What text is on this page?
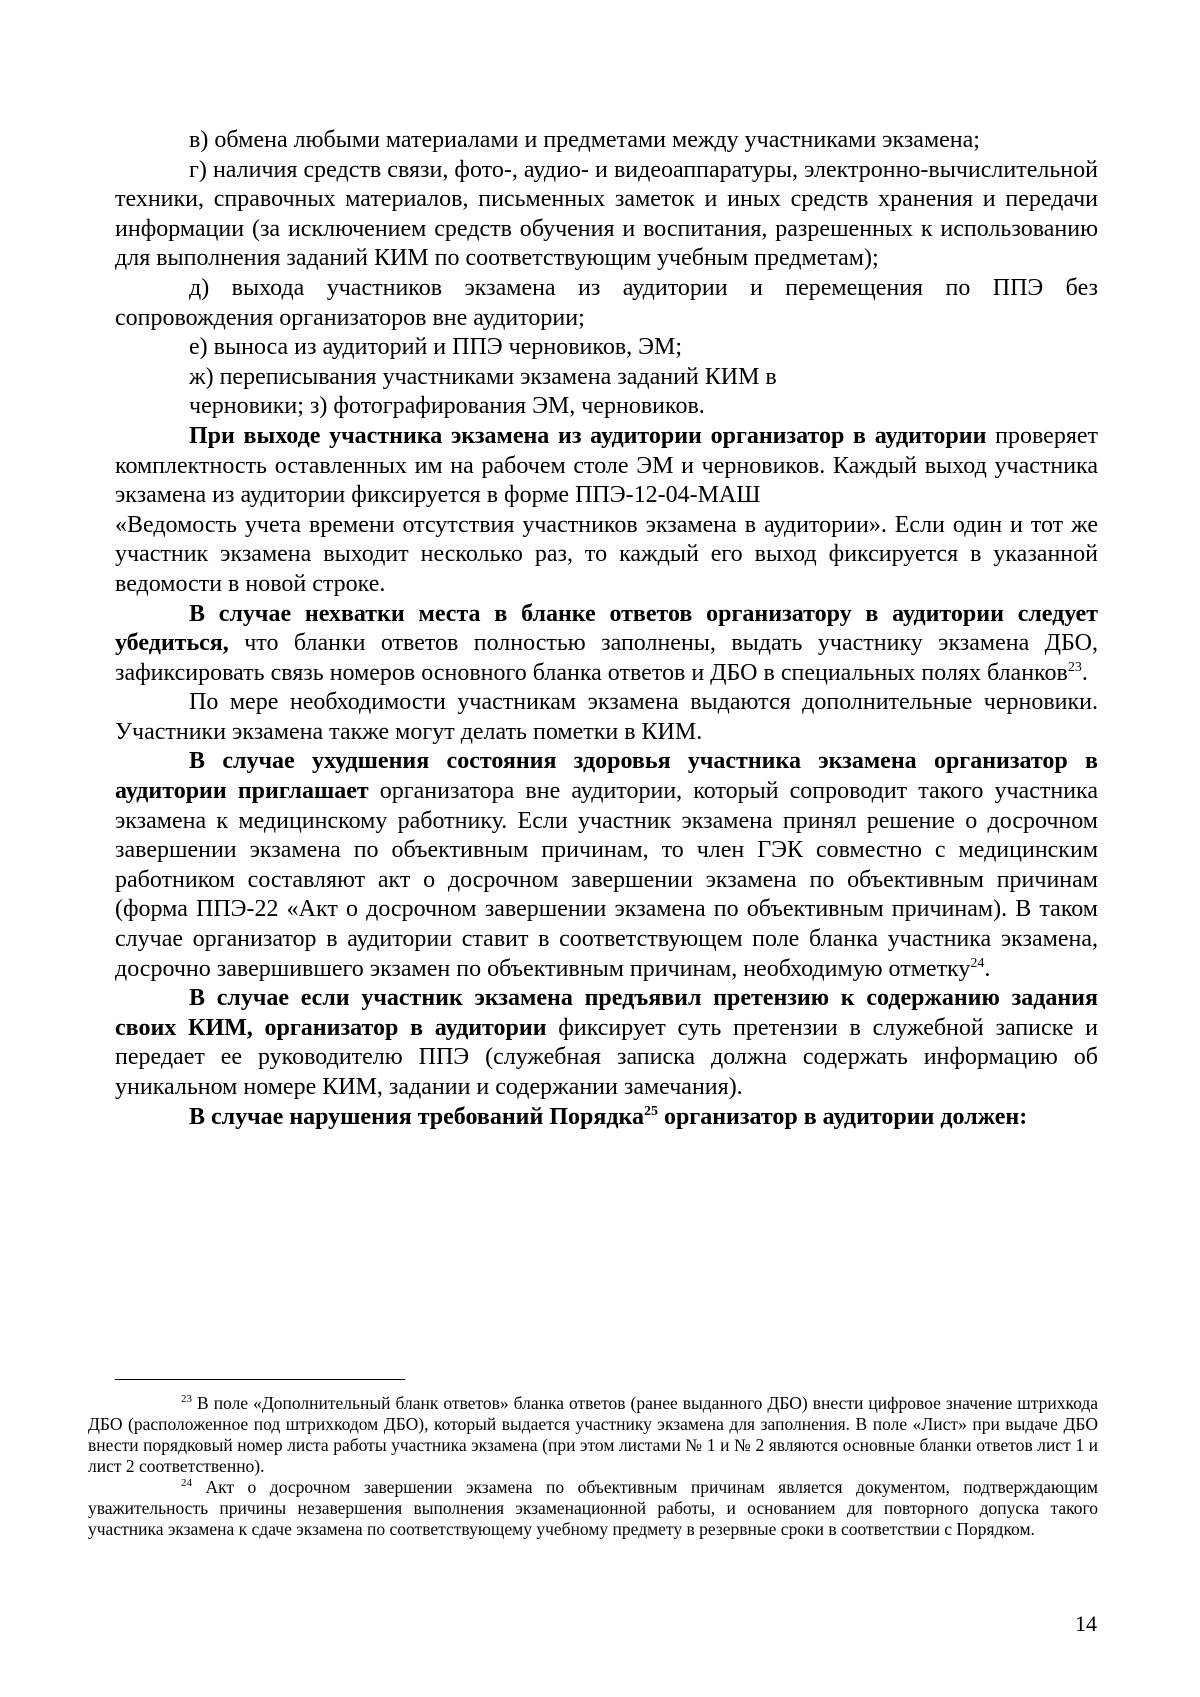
в) обмена любыми материалами и предметами между участниками экзамена;

г) наличия средств связи, фото-, аудио- и видеоаппаратуры, электронно-вычислительной техники, справочных материалов, письменных заметок и иных средств хранения и передачи информации (за исключением средств обучения и воспитания, разрешенных к использованию для выполнения заданий КИМ по соответствующим учебным предметам);

д) выхода участников экзамена из аудитории и перемещения по ППЭ без сопровождения организаторов вне аудитории;

е) выноса из аудиторий и ППЭ черновиков, ЭМ;

ж) переписывания участниками экзамена заданий КИМ в

черновики; з) фотографирования ЭМ, черновиков.

При выходе участника экзамена из аудитории организатор в аудитории проверяет комплектность оставленных им на рабочем столе ЭМ и черновиков. Каждый выход участника экзамена из аудитории фиксируется в форме ППЭ-12-04-МАШ

«Ведомость учета времени отсутствия участников экзамена в аудитории». Если один и тот же участник экзамена выходит несколько раз, то каждый его выход фиксируется в указанной ведомости в новой строке.

В случае нехватки места в бланке ответов организатору в аудитории следует убедиться, что бланки ответов полностью заполнены, выдать участнику экзамена ДБО, зафиксировать связь номеров основного бланка ответов и ДБО в специальных полях бланков$^{23}$.

По мере необходимости участникам экзамена выдаются дополнительные черновики. Участники экзамена также могут делать пометки в КИМ.

В случае ухудшения состояния здоровья участника экзамена организатор в аудитории приглашает организатора вне аудитории, который сопроводит такого участника экзамена к медицинскому работнику. Если участник экзамена принял решение о досрочном завершении экзамена по объективным причинам, то член ГЭК совместно с медицинским работником составляют акт о досрочном завершении экзамена по объективным причинам (форма ППЭ-22 «Акт о досрочном завершении экзамена по объективным причинам). В таком случае организатор в аудитории ставит в соответствующем поле бланка участника экзамена, досрочно завершившего экзамен по объективным причинам, необходимую отметку$^{24}$.

В случае если участник экзамена предъявил претензию к содержанию задания своих КИМ, организатор в аудитории фиксирует суть претензии в служебной записке и передает ее руководителю ППЭ (служебная записка должна содержать информацию об уникальном номере КИМ, задании и содержании замечания).

В случае нарушения требований Порядка$^{25}$ организатор в аудитории должен:

$^{23}$ В поле «Дополнительный бланк ответов» бланка ответов (ранее выданного ДБО) внести цифровое значение штрихкода ДБО (расположенное под штрихкодом ДБО), который выдается участнику экзамена для заполнения. В поле «Лист» при выдаче ДБО внести порядковый номер листа работы участника экзамена (при этом листами № 1 и № 2 являются основные бланки ответов лист 1 и лист 2 соответственно).

$^{24}$ Акт о досрочном завершении экзамена по объективным причинам является документом, подтверждающим уважительность причины незавершения выполнения экзаменационной работы, и основанием для повторного допуска такого участника экзамена к сдаче экзамена по соответствующему учебному предмету в резервные сроки в соответствии с Порядком.

14
